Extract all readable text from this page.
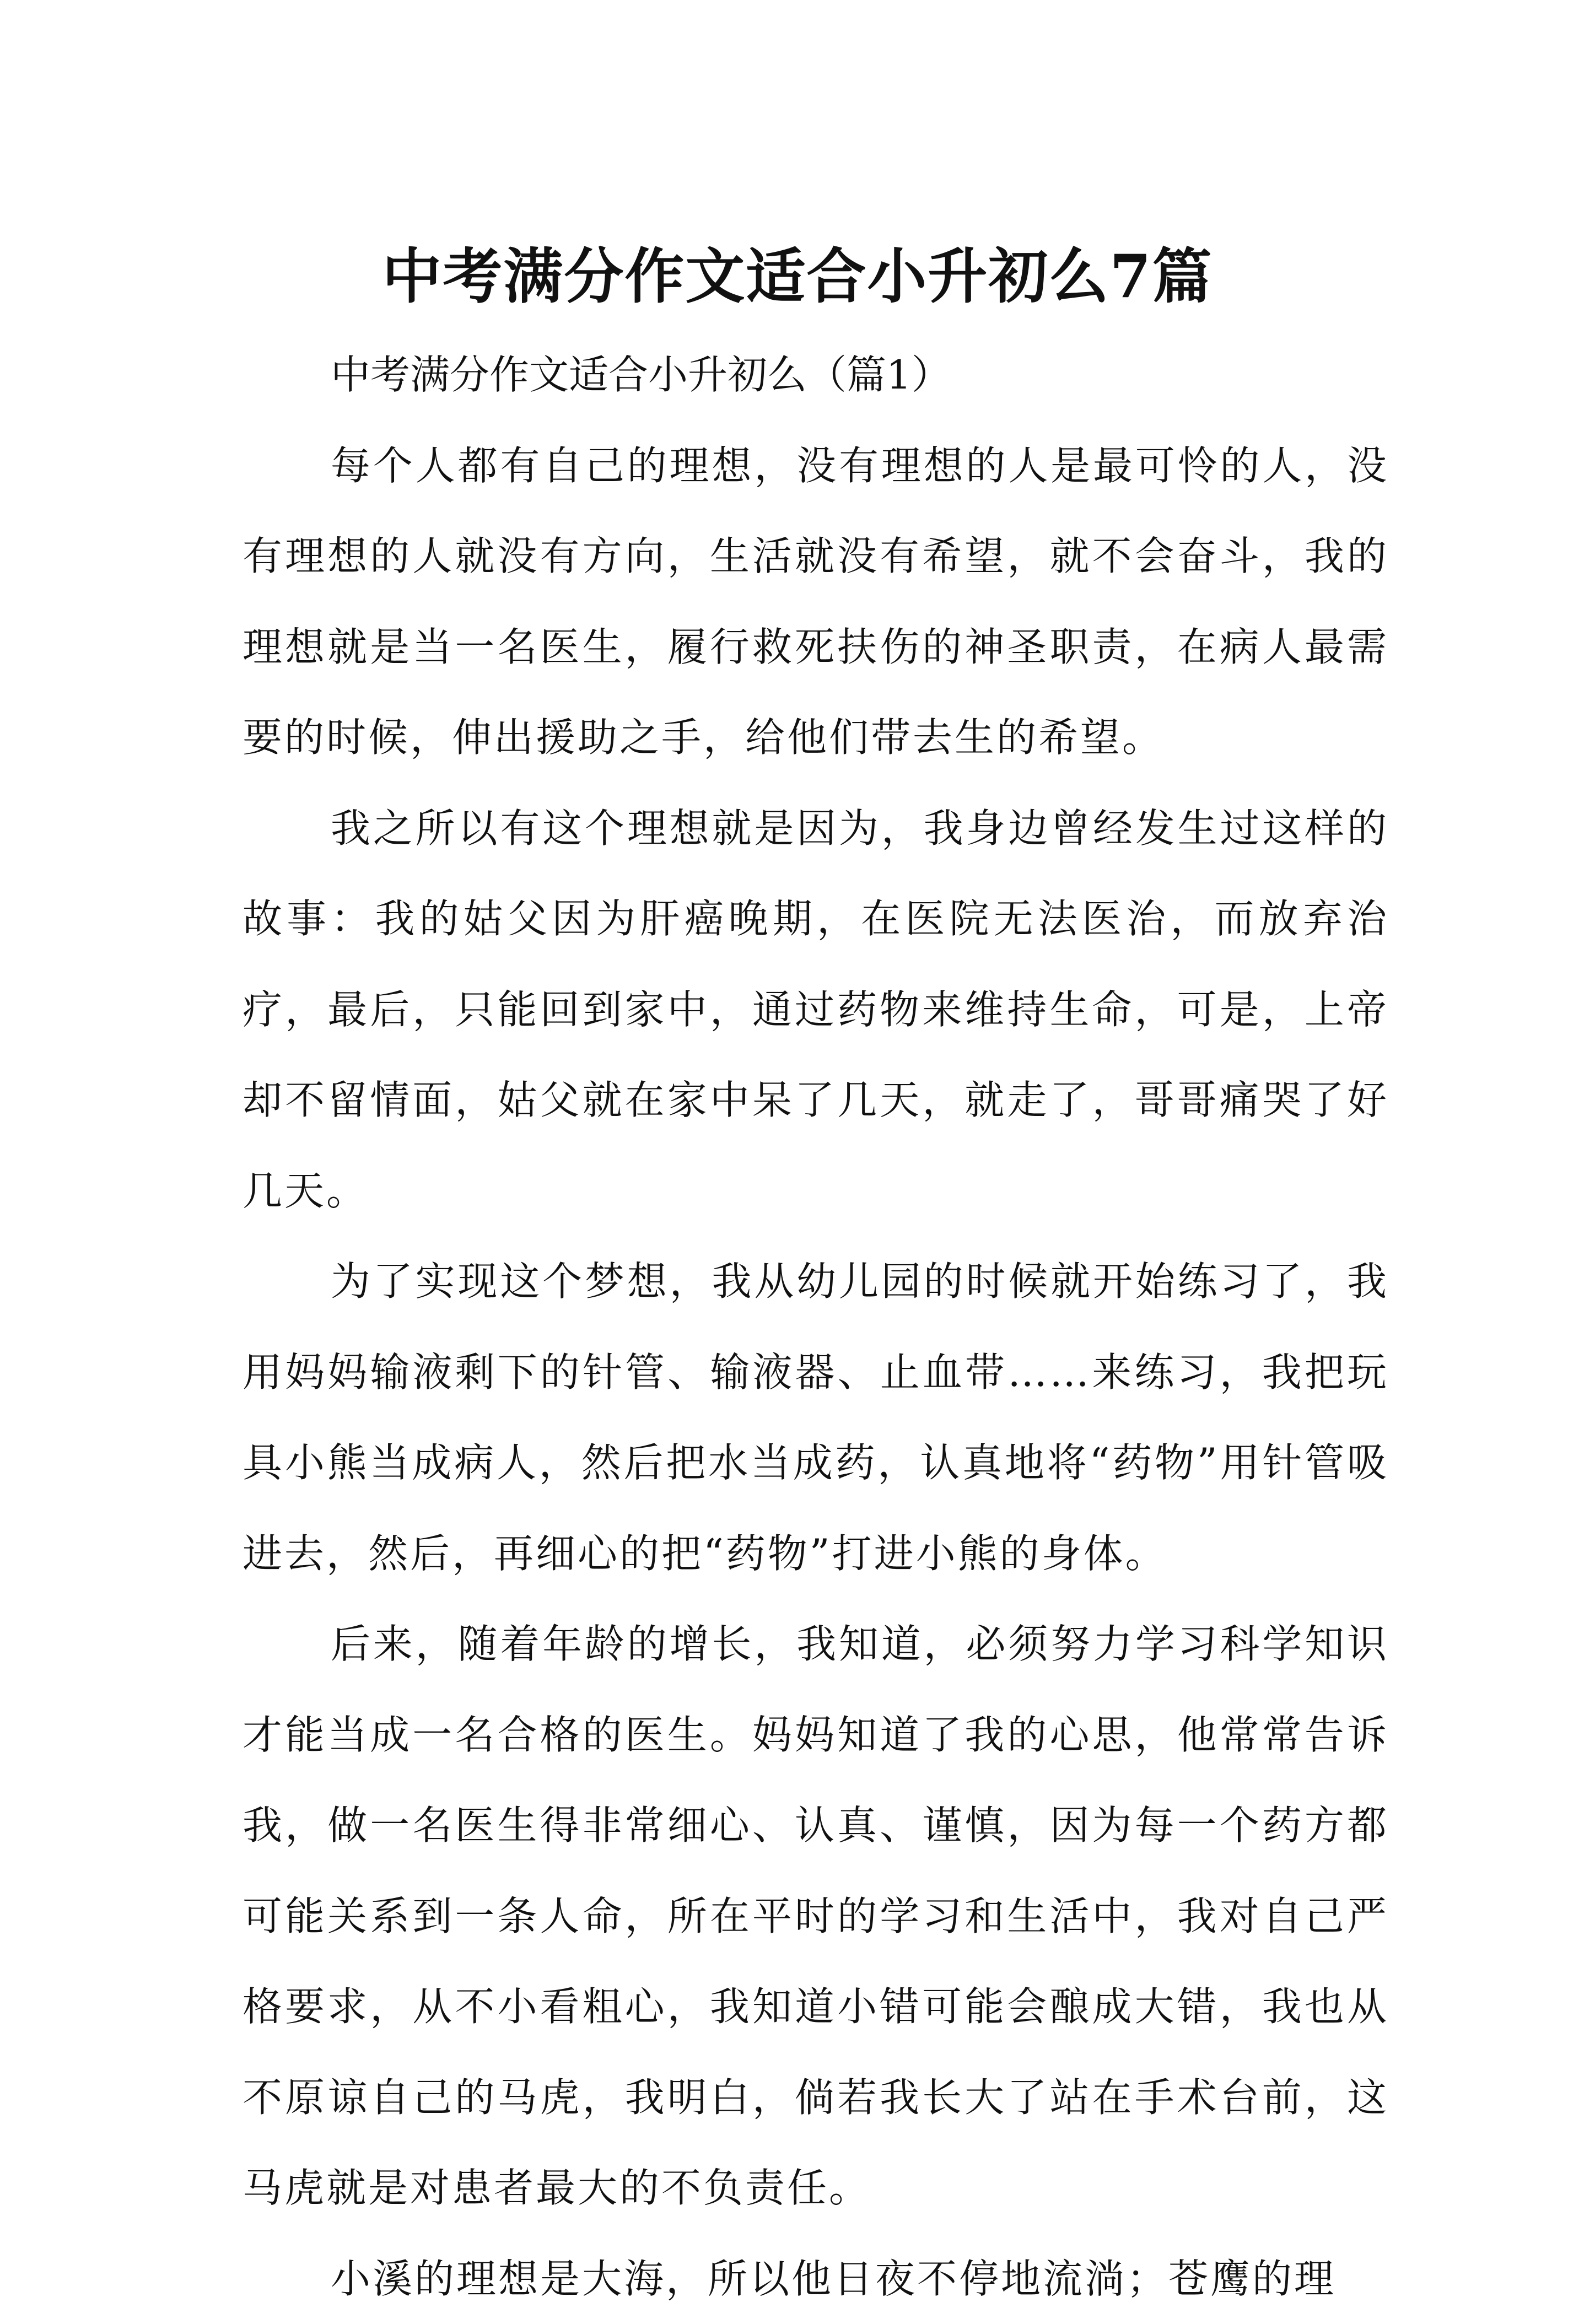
中考满分作文适合小升初么7篇

中考满分作文适合小升初么（篇1）

每个人都有自己的理想，没有理想的人是最可怜的人，没有理想的人就没有方向，生活就没有希望，就不会奋斗，我的理想就是当一名医生，履行救死扶伤的神圣职责，在病人最需要的时候，伸出援助之手，给他们带去生的希望。

我之所以有这个理想就是因为，我身边曾经发生过这样的故事：我的姑父因为肝癌晚期，在医院无法医治，而放弃治疗，最后，只能回到家中，通过药物来维持生命，可是，上帝却不留情面，姑父就在家中呆了几天，就走了，哥哥痛哭了好几天。

为了实现这个梦想，我从幼儿园的时候就开始练习了，我用妈妈输液剩下的针管、输液器、止血带……来练习，我把玩具小熊当成病人，然后把水当成药，认真地将“药物”用针管吸进去，然后，再细心的把“药物”打进小熊的身体。

后来，随着年龄的增长，我知道，必须努力学习科学知识才能当成一名合格的医生。妈妈知道了我的心思，他常常告诉我，做一名医生得非常细心、认真、谨慎，因为每一个药方都可能关系到一条人命，所在平时的学习和生活中，我对自己严格要求，从不小看粗心，我知道小错可能会酿成大错，我也从不原谅自己的马虎，我明白，倘若我长大了站在手术台前，这马虎就是对患者最大的不负责任。

小溪的理想是大海，所以他日夜不停地流淌；苍鹰的理
